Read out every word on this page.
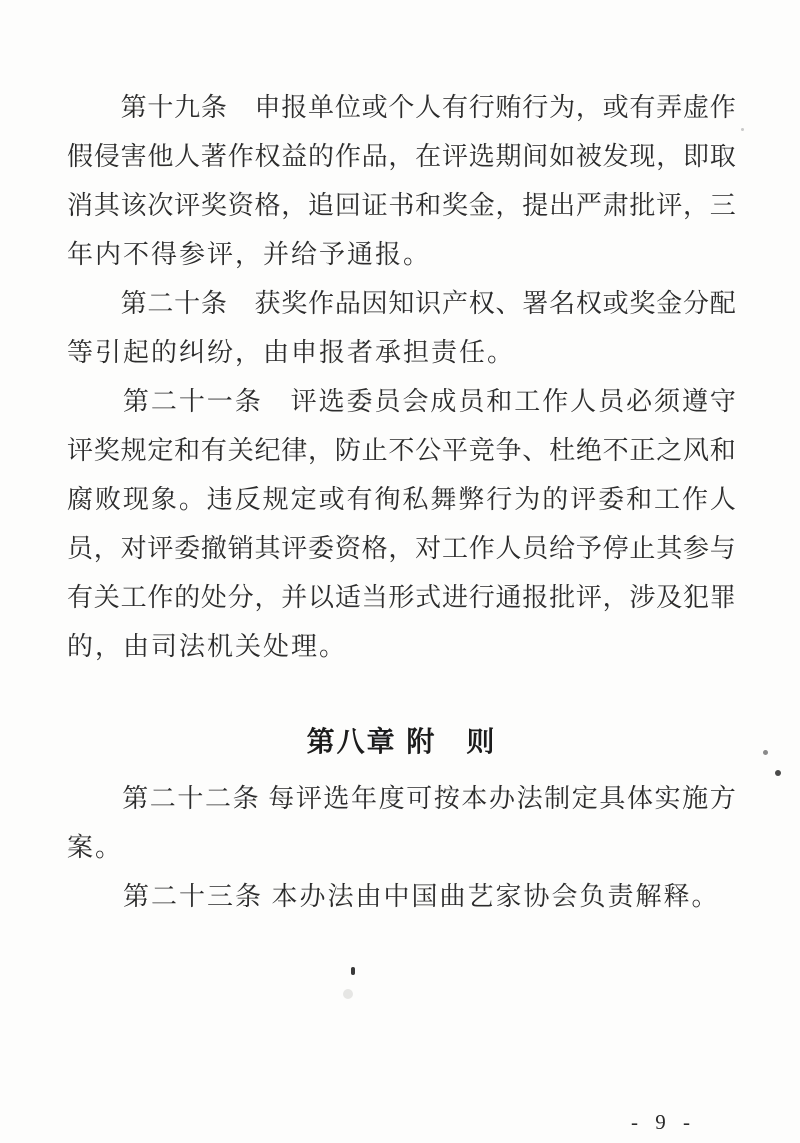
第 十 九 条
　 申 报 单 位 或 个 人 有 行 贿 行 为 ， 或 有 弄 虚 作
假 侵 害 他 人 著 作 权 益 的 作 品 ， 在 评 选 期 间 如 被 发 现 ， 即 取
消 其 该 次 评 奖 资 格 ， 追 回 证 书 和 奖 金 ， 提 出 严 肃 批 评 ， 三
年内不得参评，并给予通报。

第 二 十 条
　 获 奖 作 品 因 知 识 产 权 、 署 名 权 或 奖 金 分 配
等引起的纠纷，由申报者承担责任。

第 二 十 一 条
　 评 选 委 员 会 成 员 和 工 作 人 员 必 须 遵 守
评 奖 规 定 和 有 关 纪 律 ， 防 止 不 公 平 竞 争 、 杜 绝 不 正 之 风 和
腐 败 现 象 。 违 反 规 定 或 有 徇 私 舞 弊 行 为 的 评 委 和 工 作 人
员 ， 对 评 委 撤 销 其 评 委 资 格 ， 对 工 作 人 员 给 予 停 止 其 参 与
有 关 工 作 的 处 分 ， 并 以 适 当 形 式 进 行 通 报 批 评 ， 涉 及 犯 罪
的，由司法机关处理。
第八章 附　则

第 二 十 二 条
每 评 选 年 度 可 按 本 办 法 制 定 具 体 实 施 方
案。
　　第二十三条 本办法由中国曲艺家协会负责解释。
- 9 -
